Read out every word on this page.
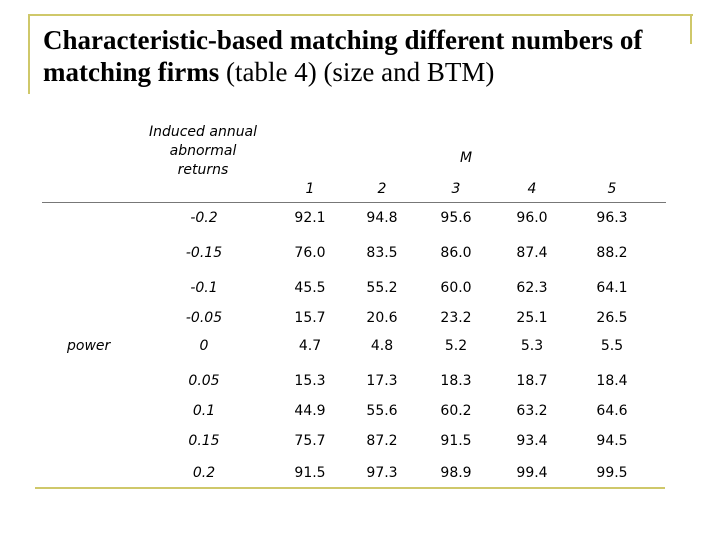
Characteristic-based matching different numbers of matching firms (table 4) (size and BTM)
Induced annual abnormal returns
M
1	2	3	4	5
-0.2	92.1	94.8	95.6	96.0	96.3
-0.15	76.0	83.5	86.0	87.4	88.2
-0.1	45.5	55.2	60.0	62.3	64.1
-0.05	15.7	20.6	23.2	25.1	26.5
0	4.7	4.8	5.2	5.3	5.5
0.05	15.3	17.3	18.3	18.7	18.4
0.1	44.9	55.6	60.2	63.2	64.6
0.15	75.7	87.2	91.5	93.4	94.5
0.2	91.5	97.3	98.9	99.4	99.5
power
